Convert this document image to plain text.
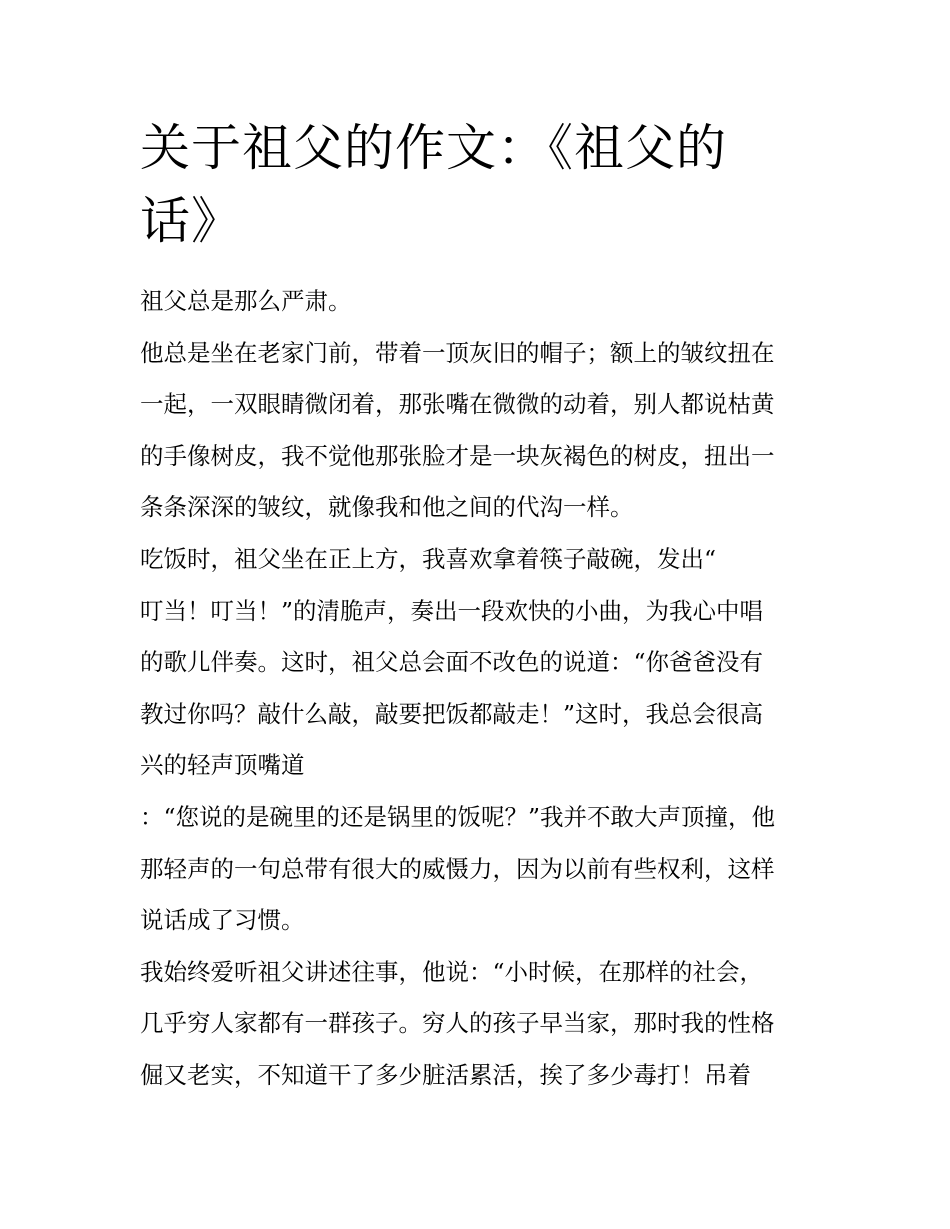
关于祖父的作文：《祖父的
话》
祖父总是那么严肃。
他总是坐在老家门前，带着一顶灰旧的帽子；额上的皱纹扭在
一起，一双眼睛微闭着，那张嘴在微微的动着，别人都说枯黄
的手像树皮，我不觉他那张脸才是一块灰褐色的树皮，扭出一
条条深深的皱纹，就像我和他之间的代沟一样。
吃饭时，祖父坐在正上方，我喜欢拿着筷子敲碗，发出“
叮当！叮当！”的清脆声，奏出一段欢快的小曲，为我心中唱
的歌儿伴奏。这时，祖父总会面不改色的说道：“你爸爸没有
教过你吗？敲什么敲，敲要把饭都敲走！”这时，我总会很高
兴的轻声顶嘴道
：“您说的是碗里的还是锅里的饭呢？”我并不敢大声顶撞，他
那轻声的一句总带有很大的威慑力，因为以前有些权利，这样
说话成了习惯。
我始终爱听祖父讲述往事，他说：“小时候，在那样的社会，
几乎穷人家都有一群孩子。穷人的孩子早当家，那时我的性格
倔又老实，不知道干了多少脏活累活，挨了多少毒打！吊着
